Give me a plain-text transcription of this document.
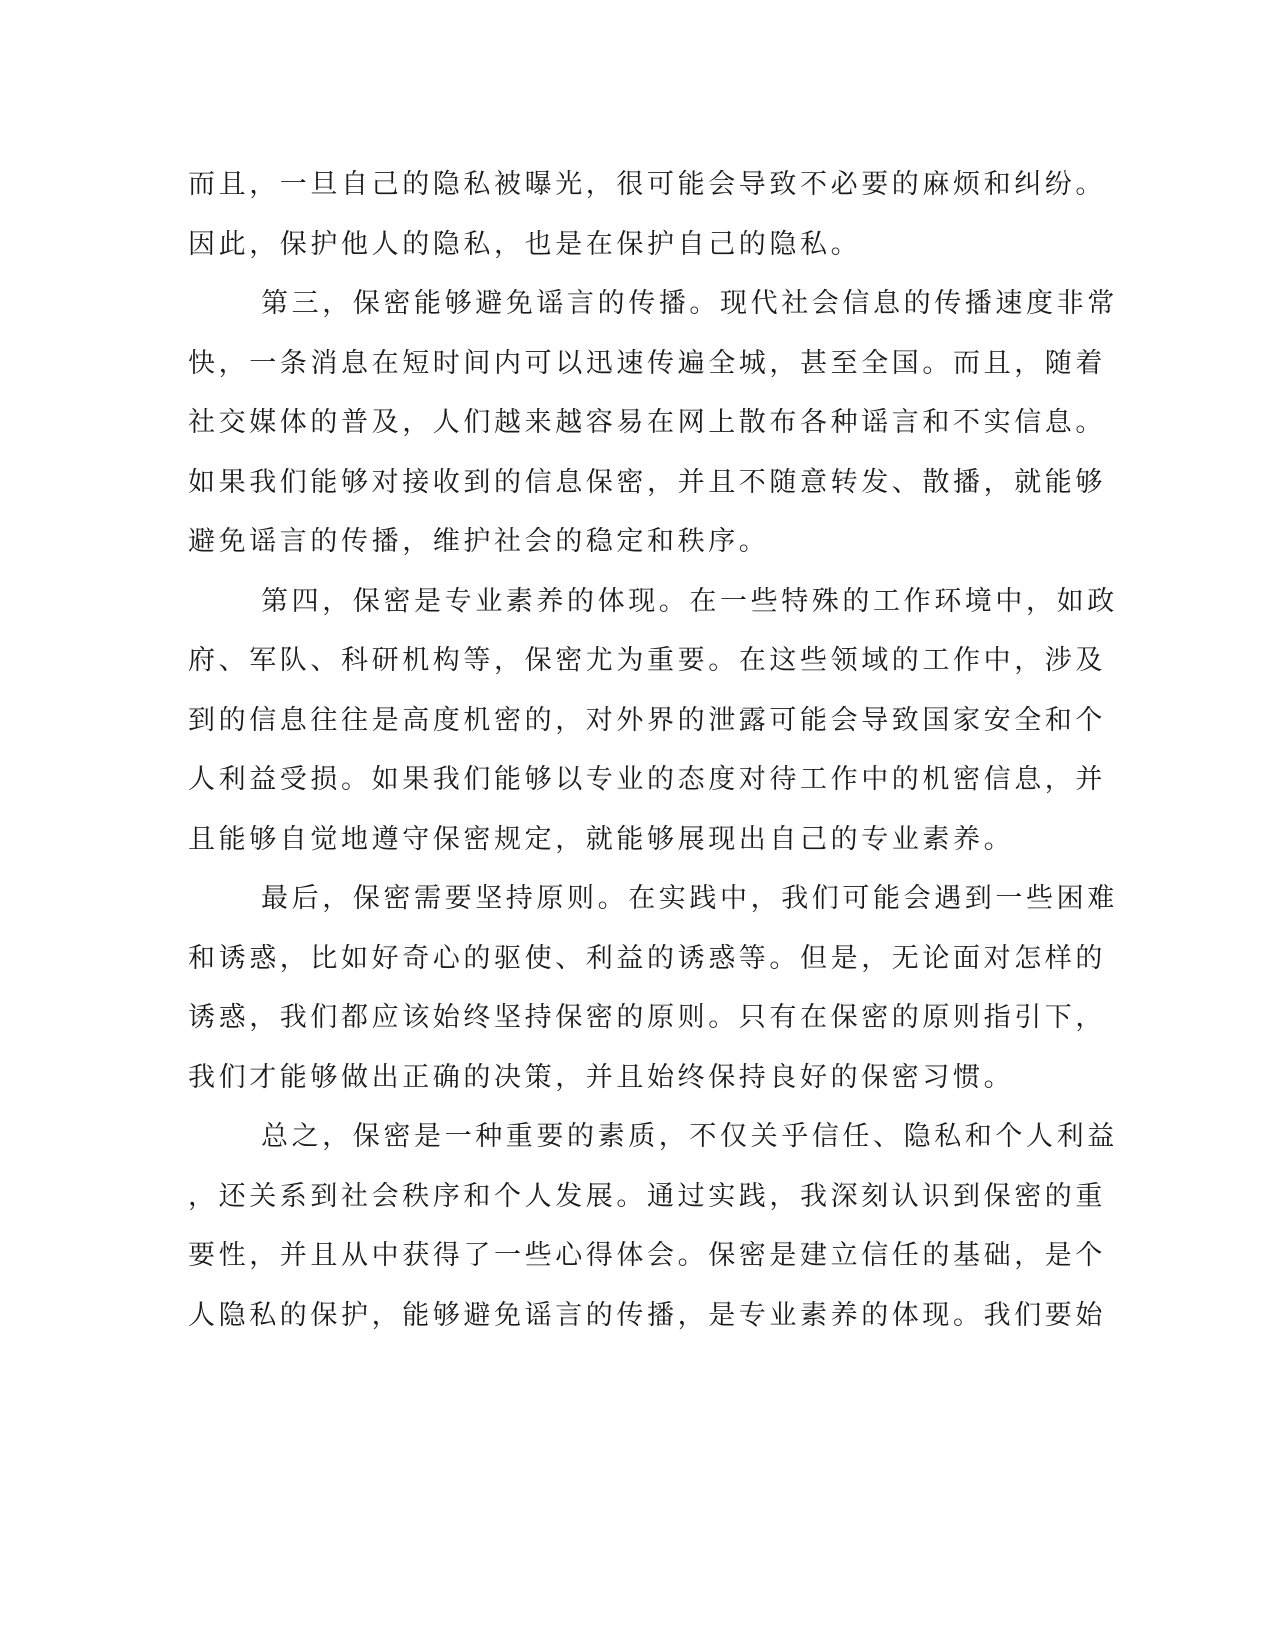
而且，一旦自己的隐私被曝光，很可能会导致不必要的麻烦和纠纷。
因此，保护他人的隐私，也是在保护自己的隐私。
第三，保密能够避免谣言的传播。现代社会信息的传播速度非常
快，一条消息在短时间内可以迅速传遍全城，甚至全国。而且，随着
社交媒体的普及，人们越来越容易在网上散布各种谣言和不实信息。
如果我们能够对接收到的信息保密，并且不随意转发、散播，就能够
避免谣言的传播，维护社会的稳定和秩序。
第四，保密是专业素养的体现。在一些特殊的工作环境中，如政
府、军队、科研机构等，保密尤为重要。在这些领域的工作中，涉及
到的信息往往是高度机密的，对外界的泄露可能会导致国家安全和个
人利益受损。如果我们能够以专业的态度对待工作中的机密信息，并
且能够自觉地遵守保密规定，就能够展现出自己的专业素养。
最后，保密需要坚持原则。在实践中，我们可能会遇到一些困难
和诱惑，比如好奇心的驱使、利益的诱惑等。但是，无论面对怎样的
诱惑，我们都应该始终坚持保密的原则。只有在保密的原则指引下，
我们才能够做出正确的决策，并且始终保持良好的保密习惯。
总之，保密是一种重要的素质，不仅关乎信任、隐私和个人利益
，还关系到社会秩序和个人发展。通过实践，我深刻认识到保密的重
要性，并且从中获得了一些心得体会。保密是建立信任的基础，是个
人隐私的保护，能够避免谣言的传播，是专业素养的体现。我们要始
